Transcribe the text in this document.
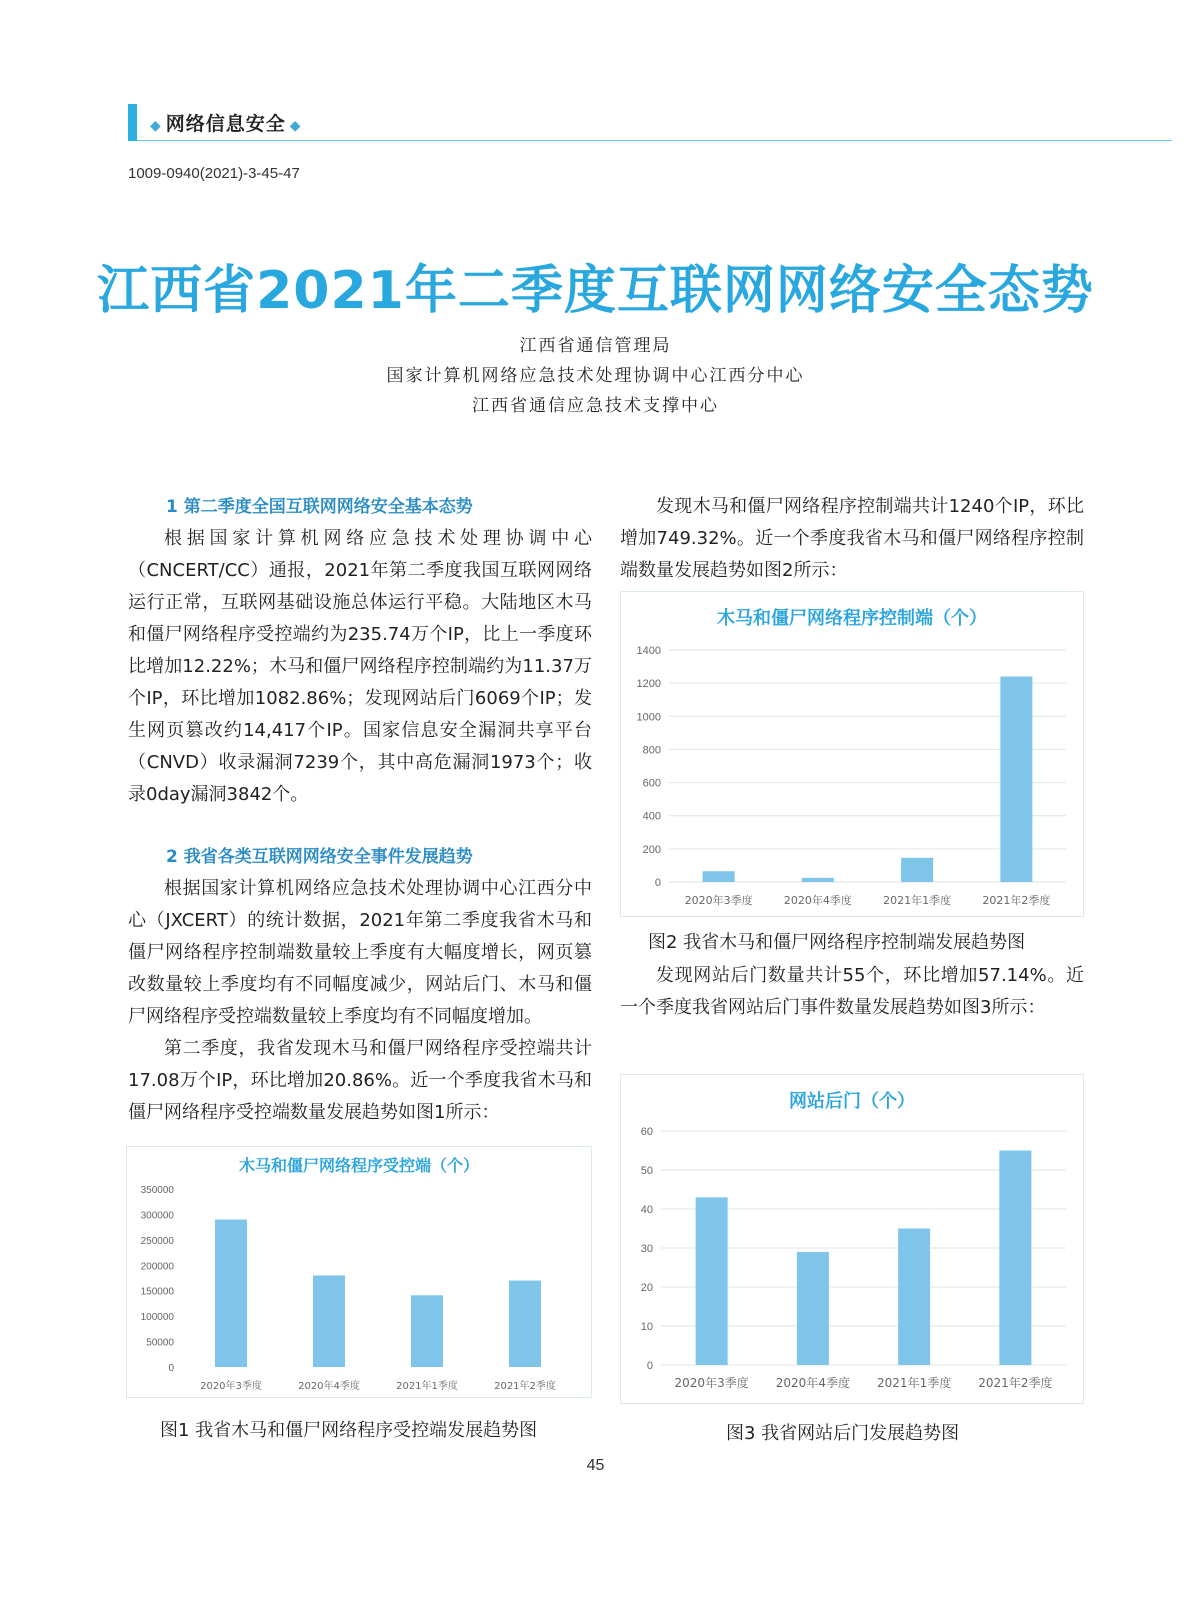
◆ 网络信息安全 ◆
1009-0940(2021)-3-45-47
江西省2021年二季度互联网网络安全态势
江西省通信管理局
国家计算机网络应急技术处理协调中心江西分中心
江西省通信应急技术支撑中心
1 第二季度全国互联网网络安全基本态势

根据国家计算机网络应急技术处理协调中心（CNCERT/CC）通报，2021年第二季度我国互联网网络运行正常，互联网基础设施总体运行平稳。大陆地区木马和僵尸网络程序受控端约为235.74万个IP，比上一季度环比增加12.22%；木马和僵尸网络程序控制端约为11.37万个IP，环比增加1082.86%；发现网站后门6069个IP；发生网页篡改约14,417个IP。国家信息安全漏洞共享平台（CNVD）收录漏洞7239个，其中高危漏洞1973个；收录0day漏洞3842个。

2 我省各类互联网网络安全事件发展趋势

根据国家计算机网络应急技术处理协调中心江西分中心（JXCERT）的统计数据，2021年第二季度我省木马和僵尸网络程序控制端数量较上季度有大幅度增长，网页篡改数量较上季度均有不同幅度减少，网站后门、木马和僵尸网络程序受控端数量较上季度均有不同幅度增加。

第二季度，我省发现木马和僵尸网络程序受控端共计17.08万个IP，环比增加20.86%。近一个季度我省木马和僵尸网络程序受控端数量发展趋势如图1所示：

发现木马和僵尸网络程序控制端共计1240个IP，环比增加749.32%。近一个季度我省木马和僵尸网络程序控制端数量发展趋势如图2所示：

木马和僵尸网络程序控制端（个）
0
200
400
600
800
1000
1200
1400
2020年3季度	2020年4季度	2021年1季度	2021年2季度
图2 我省木马和僵尸网络程序控制端发展趋势图

发现网站后门数量共计55个，环比增加57.14%。近一个季度我省网站后门事件数量发展趋势如图3所示：

网站后门（个）
0
10
20
30
40
50
60
2020年3季度 2020年4季度 2021年1季度 2021年2季度
图3 我省网站后门发展趋势图
木马和僵尸网络程序受控端（个）
0
50000
100000
150000
200000
250000
300000
350000
2020年3季度	2020年4季度	2021年1季度	2021年2季度
图1 我省木马和僵尸网络程序受控端发展趋势图
45
